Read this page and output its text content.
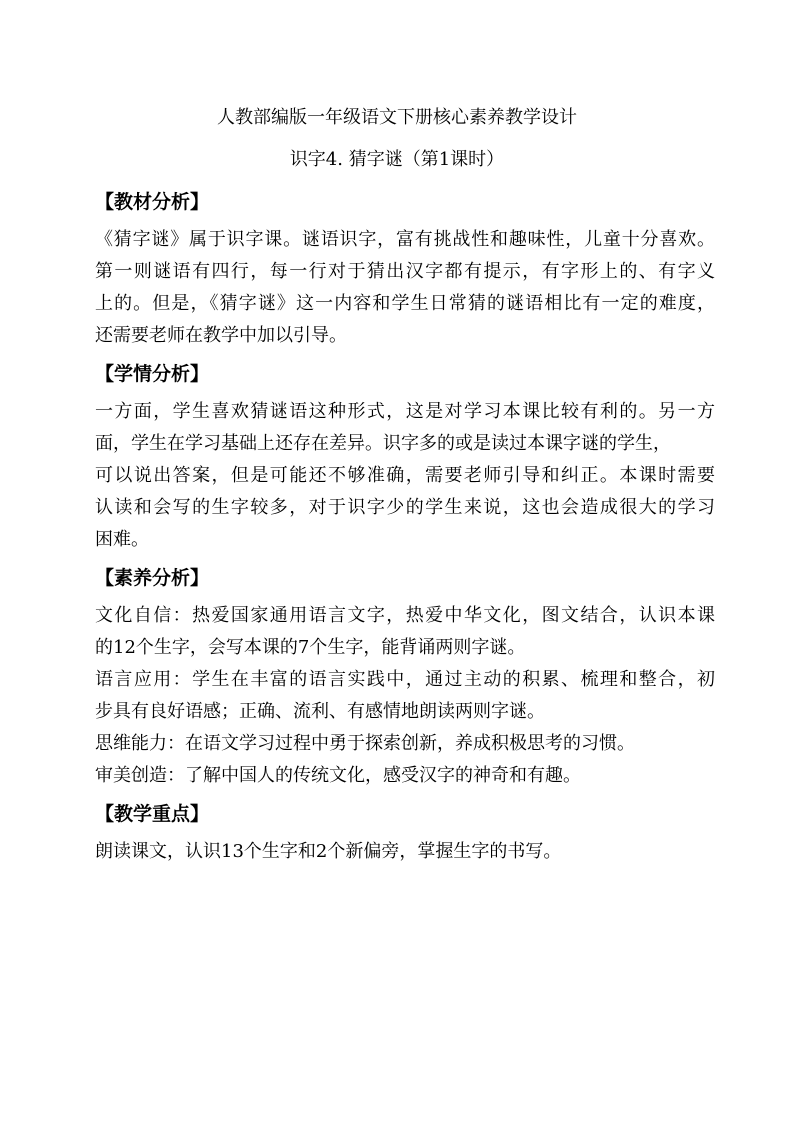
人教部编版一年级语文下册核心素养教学设计
识字4. 猜字谜（第1课时）
【教材分析】
《猜字谜》属于识字课。谜语识字，富有挑战性和趣味性，儿童十分喜欢。
第一则谜语有四行，每一行对于猜出汉字都有提示，有字形上的、有字义
上的。但是，《猜字谜》这一内容和学生日常猜的谜语相比有一定的难度，
还需要老师在教学中加以引导。
【学情分析】
一方面，学生喜欢猜谜语这种形式，这是对学习本课比较有利的。另一方
面，学生在学习基础上还存在差异。识字多的或是读过本课字谜的学生，
可以说出答案，但是可能还不够准确，需要老师引导和纠正。本课时需要
认读和会写的生字较多，对于识字少的学生来说，这也会造成很大的学习
困难。
【素养分析】
文化自信：热爱国家通用语言文字，热爱中华文化，图文结合，认识本课
的12个生字，会写本课的7个生字，能背诵两则字谜。
语言应用：学生在丰富的语言实践中，通过主动的积累、梳理和整合，初
步具有良好语感；正确、流利、有感情地朗读两则字谜。
思维能力：在语文学习过程中勇于探索创新，养成积极思考的习惯。
审美创造：了解中国人的传统文化，感受汉字的神奇和有趣。
【教学重点】
朗读课文，认识13个生字和2个新偏旁，掌握生字的书写。
